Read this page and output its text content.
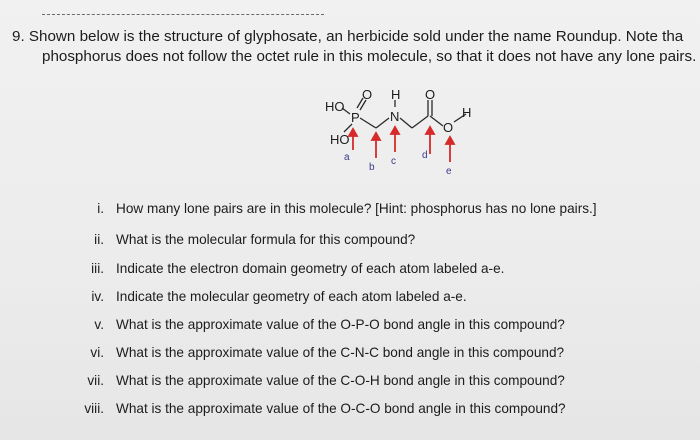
9. Shown below is the structure of glyphosate, an herbicide sold under the name Roundup. Note tha
phosphorus does not follow the octet rule in this molecule, so that it does not have any lone pairs.
HO
HO
P
O H
N
O
O
H
a
b
c
d
e
i. How many lone pairs are in this molecule? [Hint: phosphorus has no lone pairs.]
ii. What is the molecular formula for this compound?
iii. Indicate the electron domain geometry of each atom labeled a-e.
iv. Indicate the molecular geometry of each atom labeled a-e.
v. What is the approximate value of the O-P-O bond angle in this compound?
vi. What is the approximate value of the C-N-C bond angle in this compound?
vii. What is the approximate value of the C-O-H bond angle in this compound?
viii. What is the approximate value of the O-C-O bond angle in this compound?
